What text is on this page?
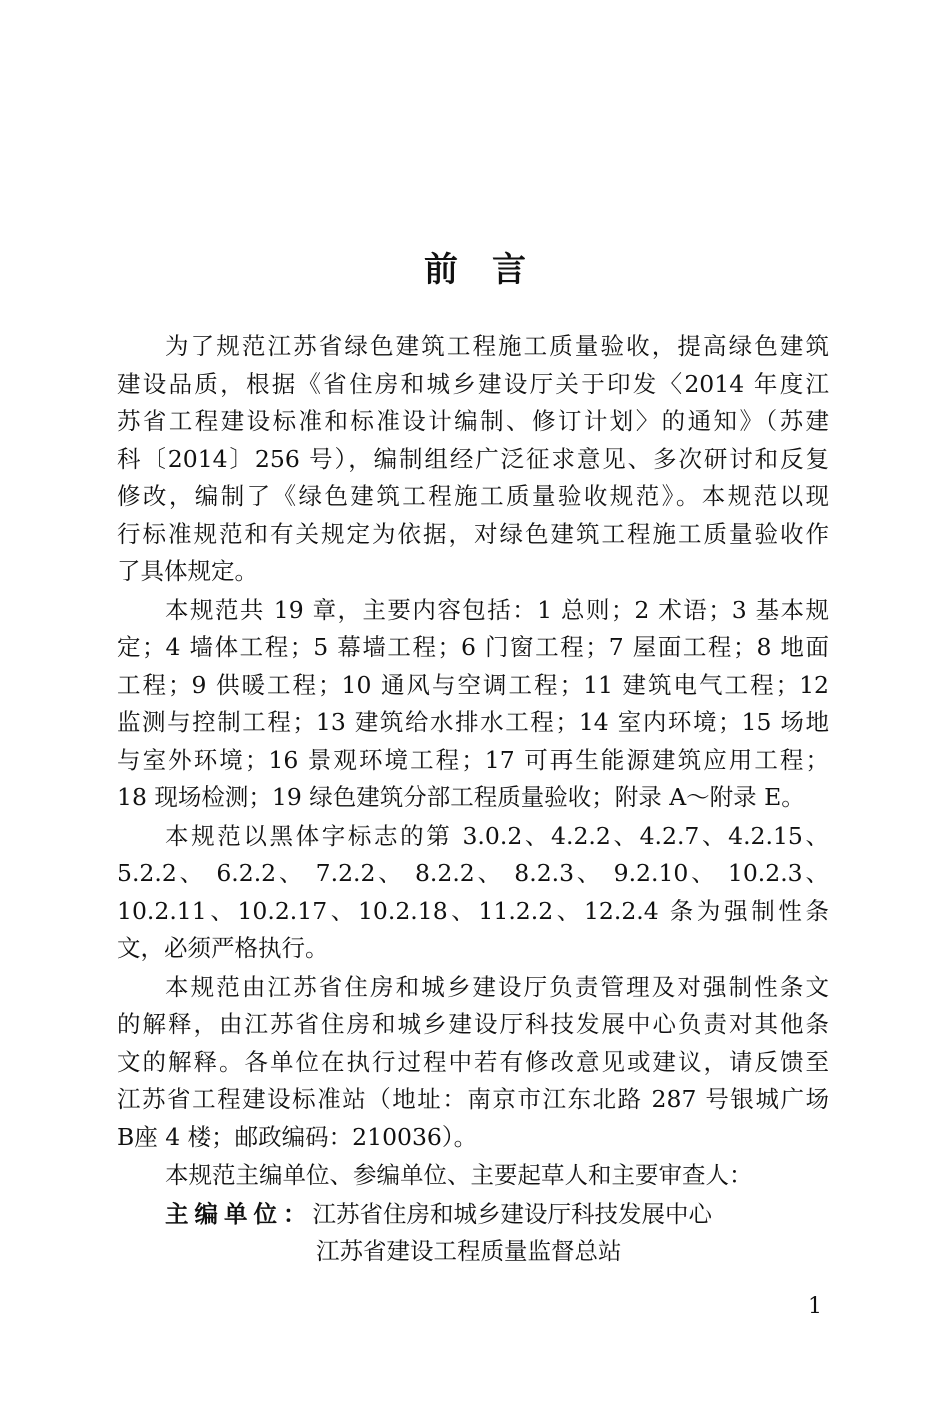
前言

为了规范江苏省绿色建筑工程施工质量验收，提高绿色建筑
建设品质，根据《省住房和城乡建设厅关于印发〈2014 年度江
苏省工程建设标准和标准设计编制、修订计划〉的通知》（苏建
科〔2014〕256 号），编制组经广泛征求意见、多次研讨和反复
修改，编制了《绿色建筑工程施工质量验收规范》。本规范以现
行标准规范和有关规定为依据，对绿色建筑工程施工质量验收作
了具体规定。

本规范共 19 章，主要内容包括：1 总则；2 术语；3 基本规
定；4 墙体工程；5 幕墙工程；6 门窗工程；7 屋面工程；8 地面
工程；9 供暖工程；10 通风与空调工程；11 建筑电气工程；12
监测与控制工程；13 建筑给水排水工程；14 室内环境；15 场地
与室外环境；16 景观环境工程；17 可再生能源建筑应用工程；
18 现场检测；19 绿色建筑分部工程质量验收；附录 A～附录 E。

本规范以黑体字标志的第 3.0.2、4.2.2、4.2.7、4.2.15、
5.2.2、 6.2.2、 7.2.2、 8.2.2、 8.2.3、 9.2.10、 10.2.3、
10.2.11、10.2.17、10.2.18、11.2.2、12.2.4 条为强制性条
文，必须严格执行。

本规范由江苏省住房和城乡建设厅负责管理及对强制性条文
的解释，由江苏省住房和城乡建设厅科技发展中心负责对其他条
文的解释。各单位在执行过程中若有修改意见或建议，请反馈至
江苏省工程建设标准站（地址：南京市江东北路 287 号银城广场
B座 4 楼；邮政编码：210036）。

本规范主编单位、参编单位、主要起草人和主要审查人：

主编单位：江苏省住房和城乡建设厅科技发展中心
江苏省建设工程质量监督总站
1
